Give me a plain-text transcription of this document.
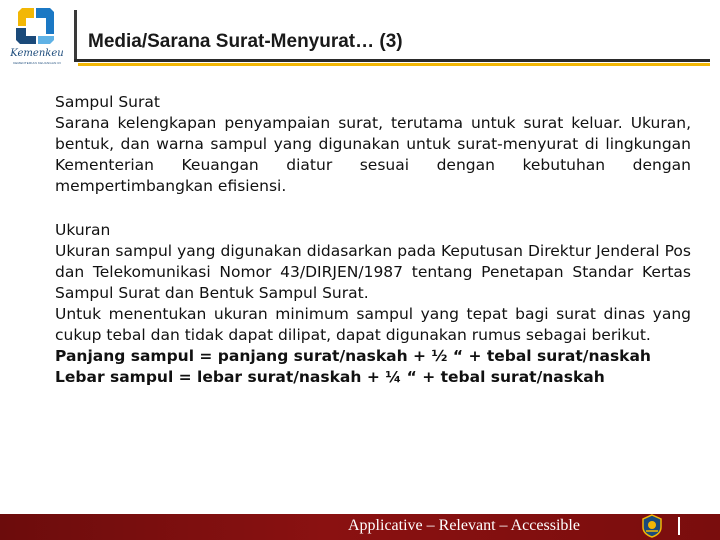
Kemenkeu
KEMENTERIAN KEUANGAN RI
Media/Sarana Surat-Menyurat… (3)

Sampul Surat

Sarana kelengkapan penyampaian surat, terutama untuk surat keluar. Ukuran, bentuk, dan warna sampul yang digunakan untuk surat-menyurat di lingkungan Kementerian Keuangan diatur sesuai dengan kebutuhan dengan mempertimbangkan efisiensi.

Ukuran

Ukuran sampul yang digunakan didasarkan pada Keputusan Direktur Jenderal Pos dan Telekomunikasi Nomor 43/DIRJEN/1987 tentang Penetapan Standar Kertas Sampul Surat dan Bentuk Sampul Surat.

Untuk menentukan ukuran minimum sampul yang tepat bagi surat dinas yang cukup tebal dan tidak dapat dilipat, dapat digunakan rumus sebagai berikut.

Panjang sampul = panjang surat/naskah + ½ “ + tebal surat/naskah

Lebar sampul = lebar surat/naskah + ¼ “ + tebal surat/naskah

Applicative – Relevant – Accessible
